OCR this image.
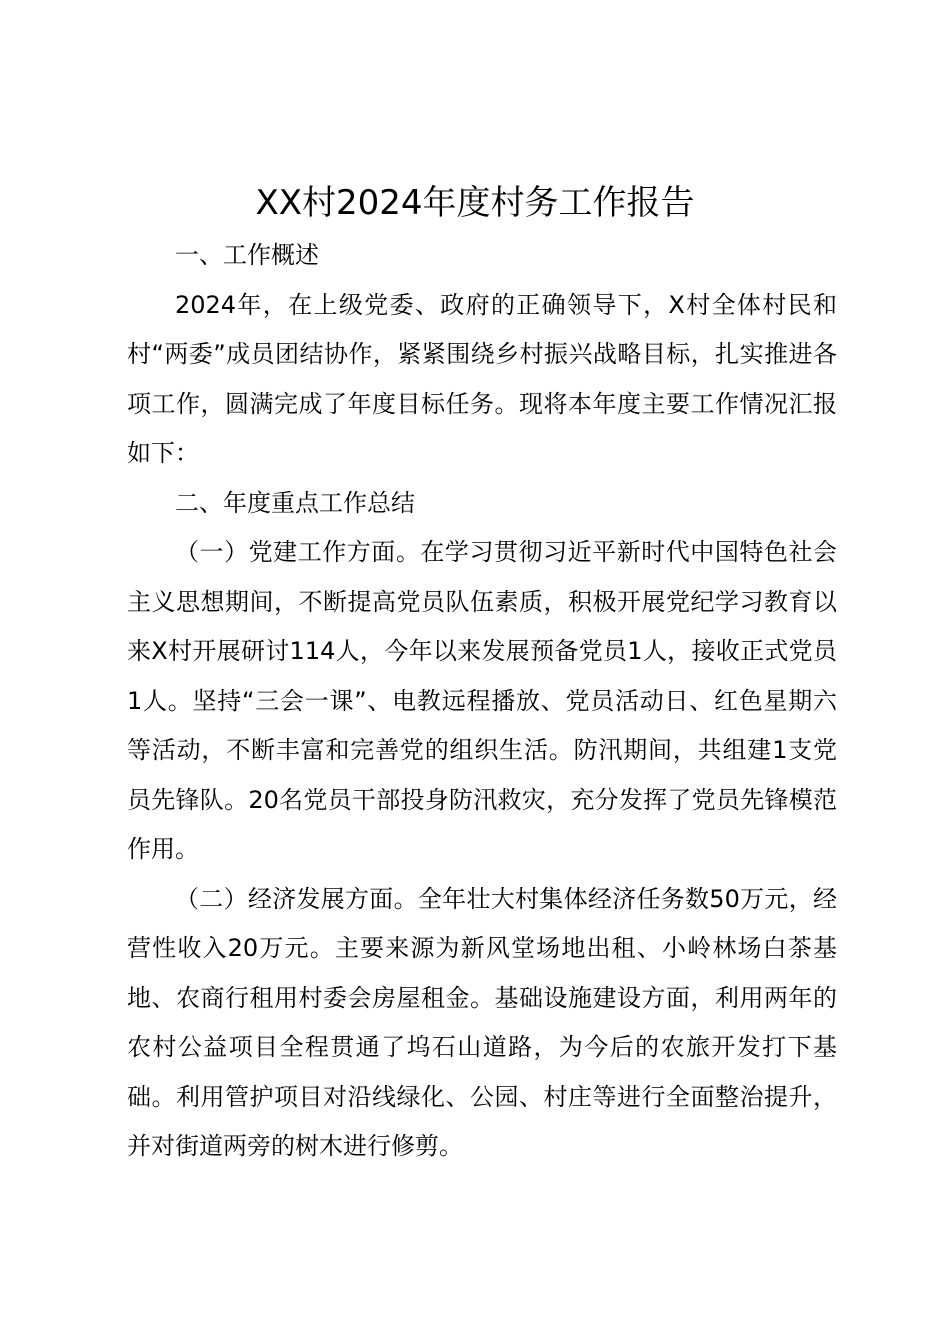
XX村2024年度村务工作报告

一、工作概述

2024年，在上级党委、政府的正确领导下，X村全体村民和村“两委”成员团结协作，紧紧围绕乡村振兴战略目标，扎实推进各项工作，圆满完成了年度目标任务。现将本年度主要工作情况汇报如下：

二、年度重点工作总结

（一）党建工作方面。在学习贯彻习近平新时代中国特色社会主义思想期间，不断提高党员队伍素质，积极开展党纪学习教育以来X村开展研讨114人，今年以来发展预备党员1人，接收正式党员1人。坚持“三会一课”、电教远程播放、党员活动日、红色星期六等活动，不断丰富和完善党的组织生活。防汛期间，共组建1支党员先锋队。20名党员干部投身防汛救灾，充分发挥了党员先锋模范作用。

（二）经济发展方面。全年壮大村集体经济任务数50万元，经营性收入20万元。主要来源为新风堂场地出租、小岭林场白茶基地、农商行租用村委会房屋租金。基础设施建设方面，利用两年的农村公益项目全程贯通了坞石山道路，为今后的农旅开发打下基础。利用管护项目对沿线绿化、公园、村庄等进行全面整治提升，并对街道两旁的树木进行修剪。
